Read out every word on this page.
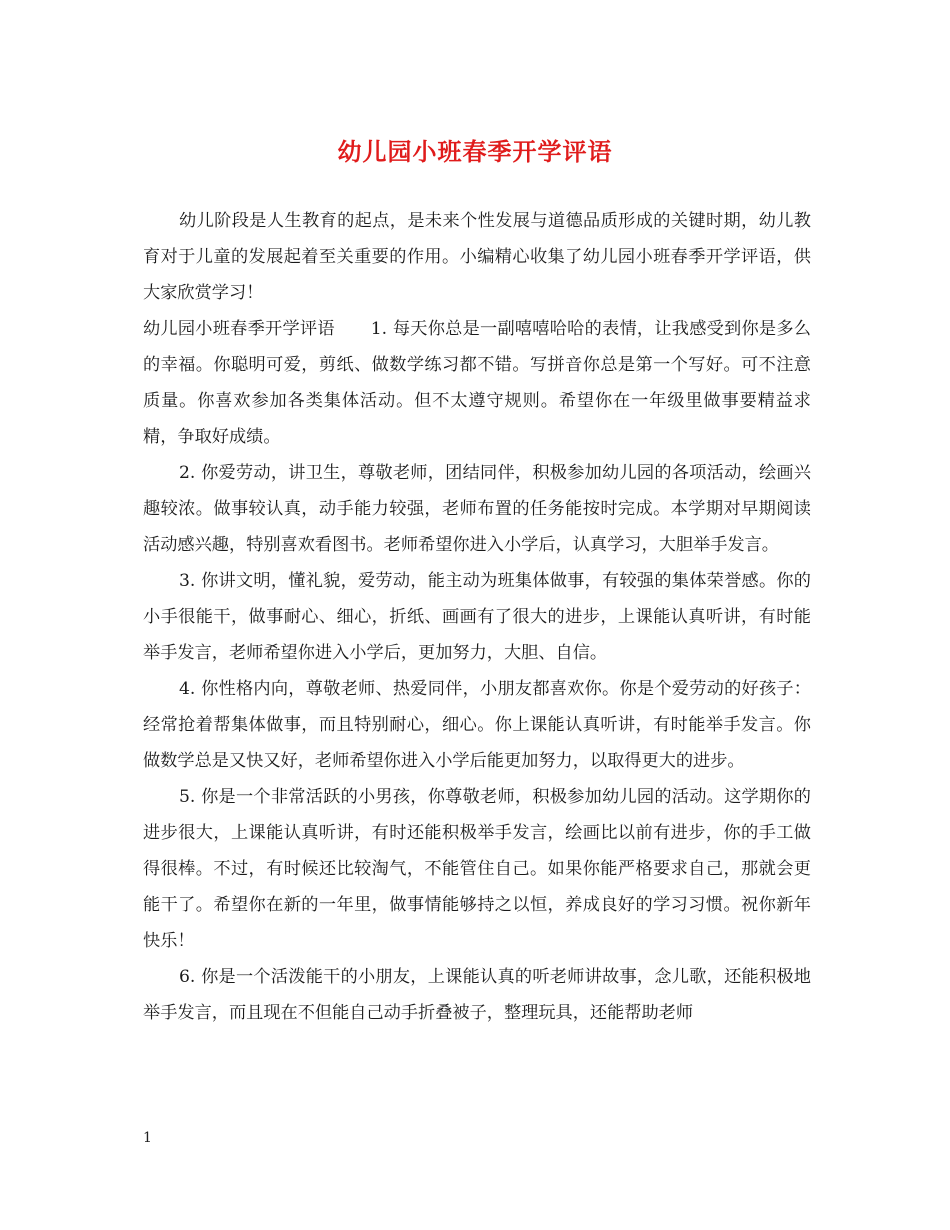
幼儿园小班春季开学评语

幼儿阶段是人生教育的起点，是未来个性发展与道德品质形成的关键时期，幼儿教育对于儿童的发展起着至关重要的作用。小编精心收集了幼儿园小班春季开学评语，供大家欣赏学习！

幼儿园小班春季开学评语 1. 每天你总是一副嘻嘻哈哈的表情，让我感受到你是多么的幸福。你聪明可爱，剪纸、做数学练习都不错。写拼音你总是第一个写好。可不注意质量。你喜欢参加各类集体活动。但不太遵守规则。希望你在一年级里做事要精益求精，争取好成绩。

2. 你爱劳动，讲卫生，尊敬老师，团结同伴，积极参加幼儿园的各项活动，绘画兴趣较浓。做事较认真，动手能力较强，老师布置的任务能按时完成。本学期对早期阅读活动感兴趣，特别喜欢看图书。老师希望你进入小学后，认真学习，大胆举手发言。

3. 你讲文明，懂礼貌，爱劳动，能主动为班集体做事，有较强的集体荣誉感。你的小手很能干，做事耐心、细心，折纸、画画有了很大的进步，上课能认真听讲，有时能举手发言，老师希望你进入小学后，更加努力，大胆、自信。

4. 你性格内向，尊敬老师、热爱同伴，小朋友都喜欢你。你是个爱劳动的好孩子：经常抢着帮集体做事，而且特别耐心，细心。你上课能认真听讲，有时能举手发言。你做数学总是又快又好，老师希望你进入小学后能更加努力，以取得更大的进步。

5. 你是一个非常活跃的小男孩，你尊敬老师，积极参加幼儿园的活动。这学期你的进步很大，上课能认真听讲，有时还能积极举手发言，绘画比以前有进步，你的手工做得很棒。不过，有时候还比较淘气，不能管住自己。如果你能严格要求自己，那就会更能干了。希望你在新的一年里，做事情能够持之以恒，养成良好的学习习惯。祝你新年快乐！

6. 你是一个活泼能干的小朋友，上课能认真的听老师讲故事，念儿歌，还能积极地举手发言，而且现在不但能自己动手折叠被子，整理玩具，还能帮助老师

1
